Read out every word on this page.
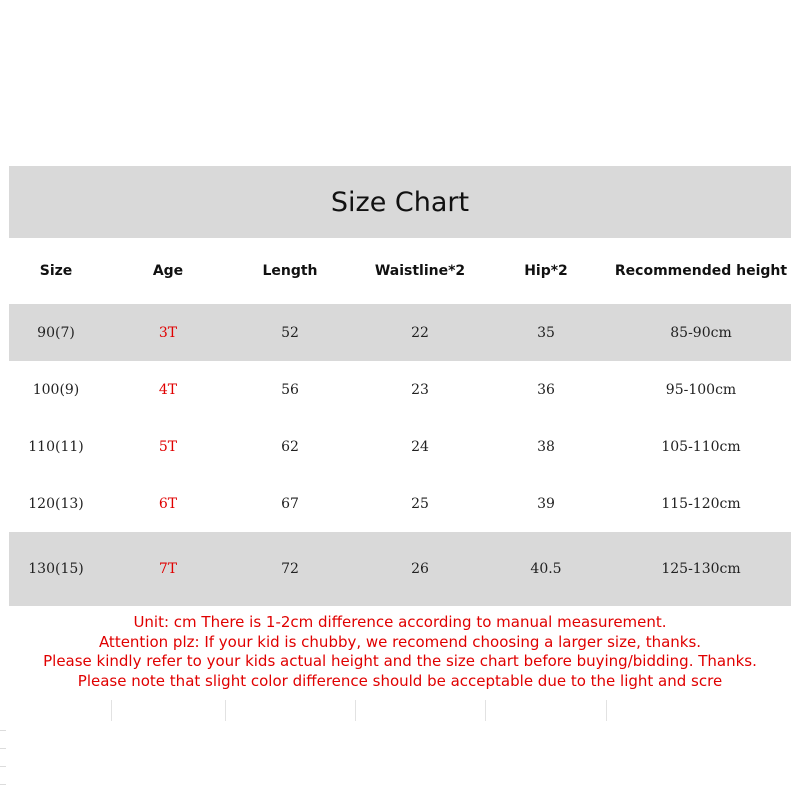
Size Chart
Size	Age	Length	Waistline*2	Hip*2	Recommended height
90(7)	3T	52	22	35	85-90cm
100(9)	4T	56	23	36	95-100cm
110(11)	5T	62	24	38	105-110cm
120(13)	6T	67	25	39	115-120cm
130(15)	7T	72	26	40.5	125-130cm
Unit: cm There is 1-2cm difference according to manual measurement.
Attention plz: If your kid is chubby, we recomend choosing a larger size, thanks.
Please kindly refer to your kids actual height and the size chart before buying/bidding. Thanks.
Please note that slight color difference should be acceptable due to the light and scre
